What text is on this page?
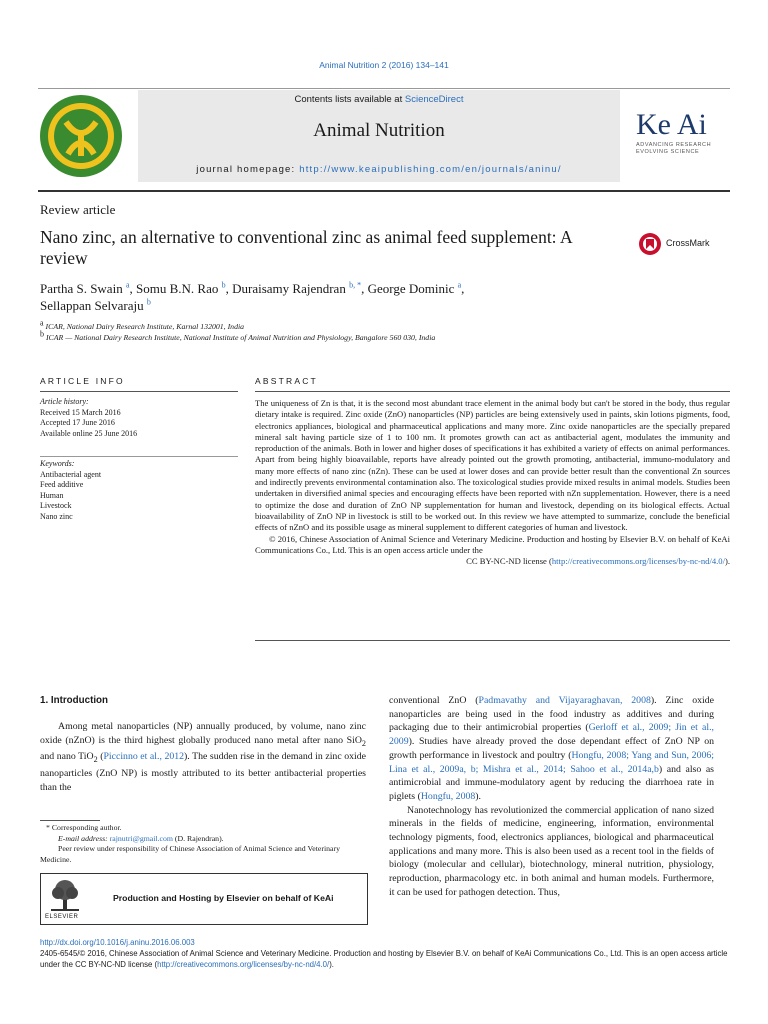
Animal Nutrition 2 (2016) 134–141
Contents lists available at ScienceDirect
Animal Nutrition
journal homepage: http://www.keaipublishing.com/en/journals/aninu/
Ke Ai
ADVANCING RESEARCH
EVOLVING SCIENCE
Review article
Nano zinc, an alternative to conventional zinc as animal feed supplement: A review
CrossMark
Partha S. Swain $^a$, Somu B.N. Rao $^b$, Duraisamy Rajendran $^{b, *}$, George Dominic $^a$,
Sellappan Selvaraju $^b$
$^a$ ICAR, National Dairy Research Institute, Karnal 132001, India
$^b$ ICAR — National Dairy Research Institute, National Institute of Animal Nutrition and Physiology, Bangalore 560 030, India
ARTICLE INFO
Article history:
Received 15 March 2016
Accepted 17 June 2016
Available online 25 June 2016
Keywords:
Antibacterial agent
Feed additive
Human
Livestock
Nano zinc
ABSTRACT

The uniqueness of Zn is that, it is the second most abundant trace element in the animal body but can't be stored in the body, thus regular dietary intake is required. Zinc oxide (ZnO) nanoparticles (NP) particles are being extensively used in paints, skin lotions pigments, food, electronics appliances, biological and pharmaceutical applications and many more. Zinc oxide nanoparticles are the specially prepared mineral salt having particle size of 1 to 100 nm. It promotes growth can act as antibacterial agent, modulates the immunity and reproduction of the animals. Both in lower and higher doses of specifications it has exhibited a variety of effects on animal performances. Apart from being highly bioavailable, reports have already pointed out the growth promoting, antibacterial, immuno-modulatory and many more effects of nano zinc (nZn). These can be used at lower doses and can provide better result than the conventional Zn sources and indirectly prevents environmental contamination also. The toxicological studies provide mixed results in animal models. Studies been undertaken in diversified animal species and encouraging effects have been reported with nZn supplementation. However, there is a need to optimize the dose and duration of ZnO NP supplementation for human and livestock, depending on its biological effects. Actual bioavailability of ZnO NP in livestock is still to be worked out. In this review we have attempted to summarize, conclude the beneficial effects of nZnO and its possible usage as mineral supplement to different categories of human and livestock.

© 2016, Chinese Association of Animal Science and Veterinary Medicine. Production and hosting by Elsevier B.V. on behalf of KeAi Communications Co., Ltd. This is an open access article under the

CC BY-NC-ND license (http://creativecommons.org/licenses/by-nc-nd/4.0/).

1. Introduction

Among metal nanoparticles (NP) annually produced, by volume, nano zinc oxide (nZnO) is the third highest globally produced nano metal after nano SiO$_2$ and nano TiO$_2$ (Piccinno et al., 2012). The sudden rise in the demand in zinc oxide nanoparticles (ZnO NP) is mostly attributed to its better antibacterial properties than the

conventional ZnO (Padmavathy and Vijayaraghavan, 2008). Zinc oxide nanoparticles are being used in the food industry as additives and during packaging due to their antimicrobial properties (Gerloff et al., 2009; Jin et al., 2009). Studies have already proved the dose dependant effect of ZnO NP on growth performance in livestock and poultry (Hongfu, 2008; Yang and Sun, 2006; Lina et al., 2009a, b; Mishra et al., 2014; Sahoo et al., 2014a,b) and also as antimicrobial and immune-modulatory agent by reducing the diarrhoea rate in piglets (Hongfu, 2008).

Nanotechnology has revolutionized the commercial application of nano sized minerals in the fields of medicine, engineering, information, environmental technology pigments, food, electronics appliances, biological and pharmaceutical applications and many more. This is also been used as a recent tool in the fields of biology (molecular and cellular), biotechnology, mineral nutrition, physiology, reproduction, pharmacology etc. in both animal and human models. Furthermore, it can be used for pathogen detection. Thus,

* Corresponding author.

E-mail address: rajnutri@gmail.com (D. Rajendran).

Peer review under responsibility of Chinese Association of Animal Science and Veterinary Medicine.

ELSEVIER
Production and Hosting by Elsevier on behalf of KeAi
http://dx.doi.org/10.1016/j.aninu.2016.06.003
2405-6545/© 2016, Chinese Association of Animal Science and Veterinary Medicine. Production and hosting by Elsevier B.V. on behalf of KeAi Communications Co., Ltd. This is an open access article under the CC BY-NC-ND license (http://creativecommons.org/licenses/by-nc-nd/4.0/).
